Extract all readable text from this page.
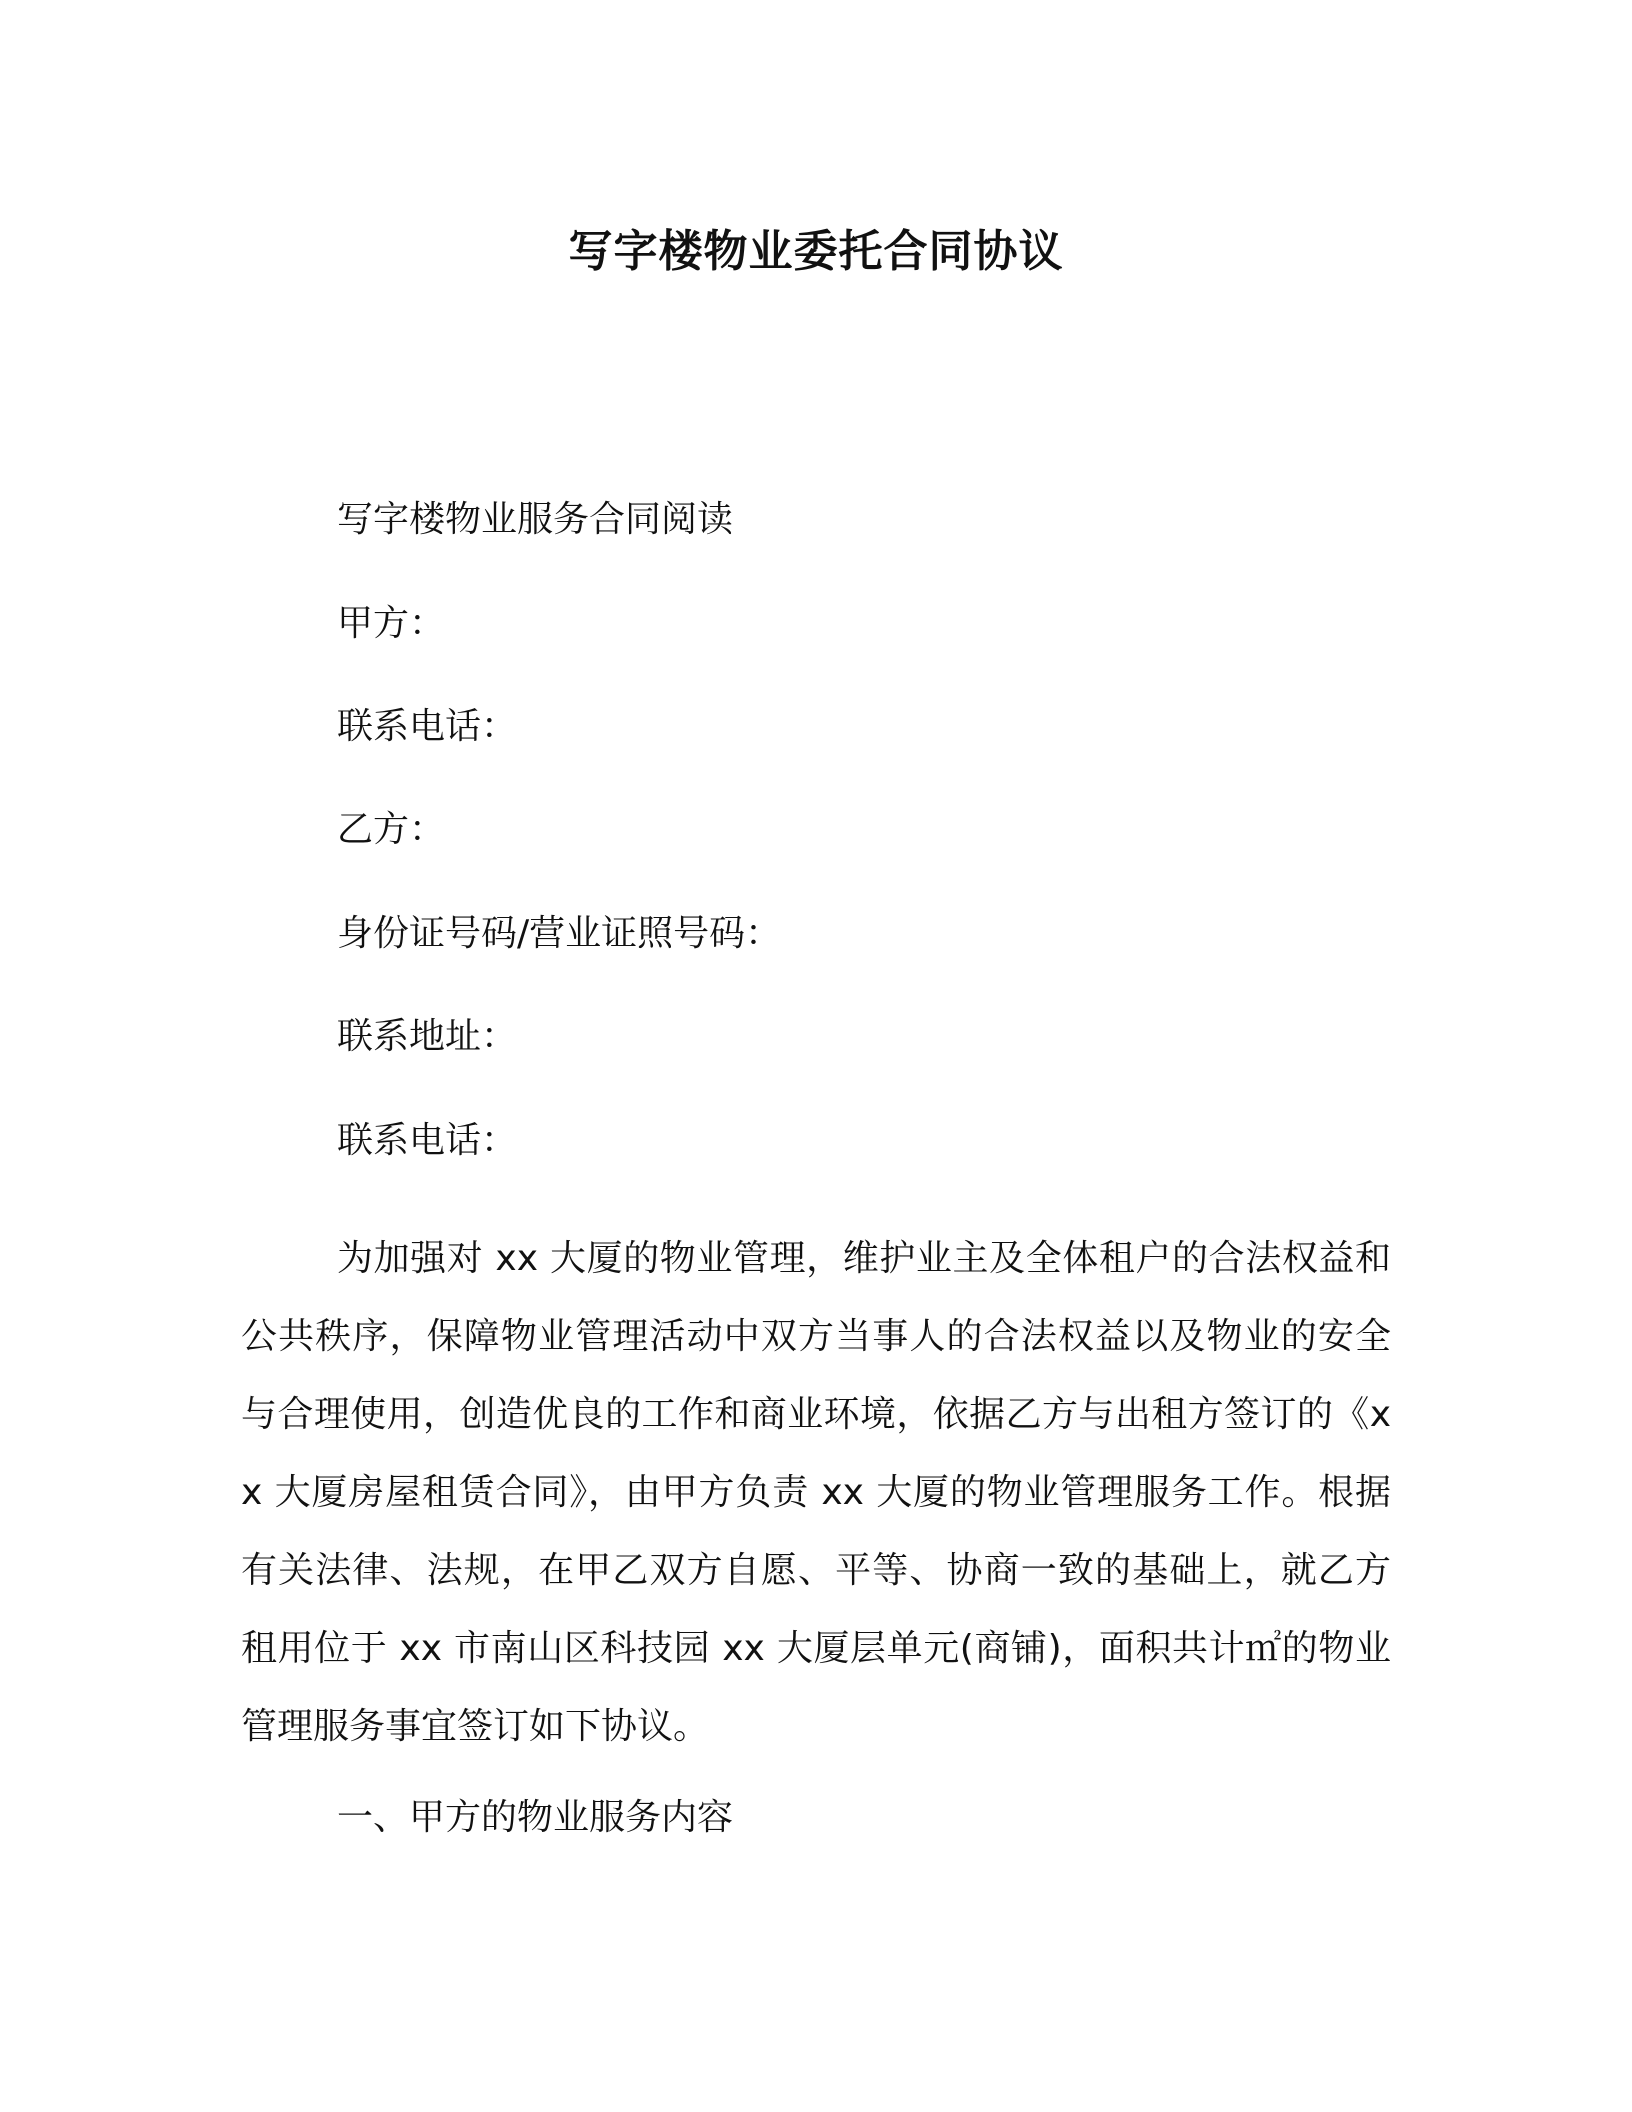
写字楼物业委托合同协议

写字楼物业服务合同阅读

甲方：

联系电话：

乙方：

身份证号码/营业证照号码：

联系地址：

联系电话：

为加强对 xx 大厦的物业管理，维护业主及全体租户的合法权益和公共秩序，保障物业管理活动中双方当事人的合法权益以及物业的安全与合理使用，创造优良的工作和商业环境，依据乙方与出租方签订的《xx 大厦房屋租赁合同》，由甲方负责 xx 大厦的物业管理服务工作。根据有关法律、法规，在甲乙双方自愿、平等、协商一致的基础上，就乙方租用位于 xx 市南山区科技园 xx 大厦层单元(商铺)，面积共计㎡的物业管理服务事宜签订如下协议。

一、甲方的物业服务内容
